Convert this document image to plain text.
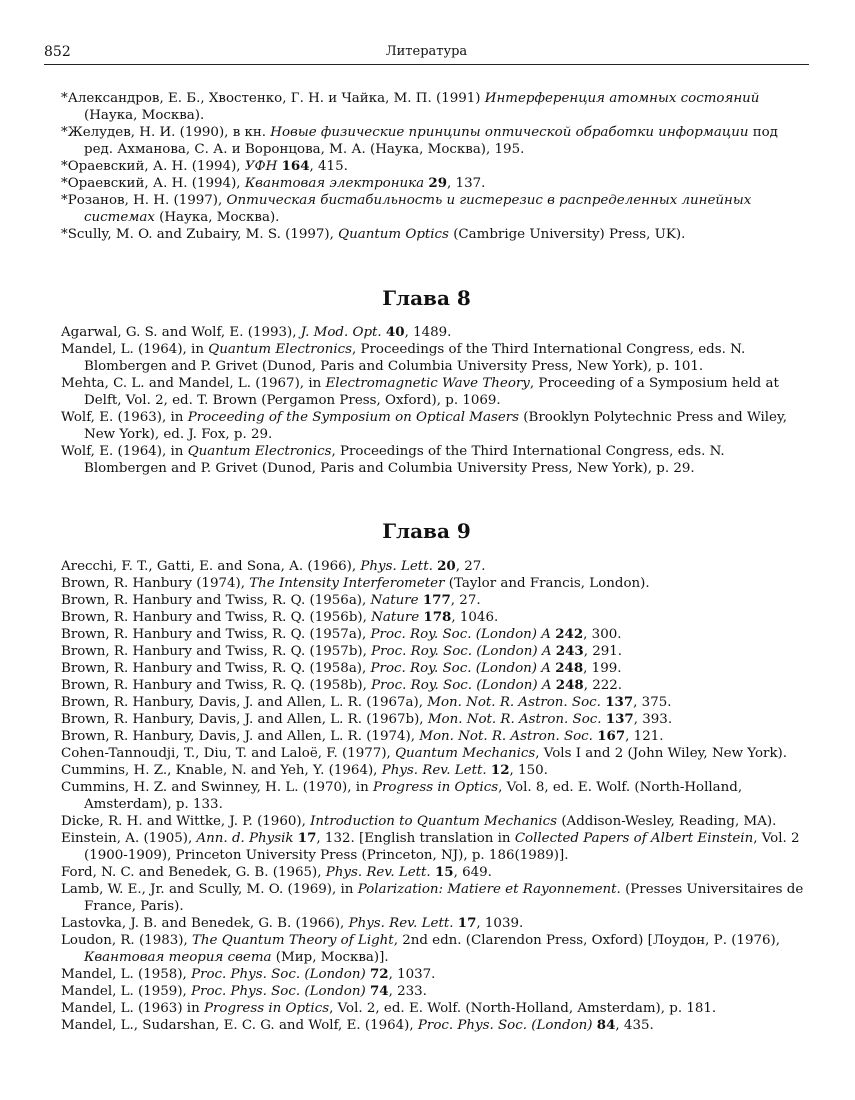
852	Литература

*Александров, Е. Б., Хвостенко, Г. Н. и Чайка, М. П. (1991) Интерференция атомных состояний (Наука, Москва).

*Желудев, Н. И. (1990), в кн. Новые физические принципы оптической обработки информации под ред. Ахманова, С. А. и Воронцова, М. А. (Наука, Москва), 195.

*Ораевский, А. Н. (1994), УФН 164, 415.

*Ораевский, А. Н. (1994), Квантовая электроника 29, 137.

*Розанов, Н. Н. (1997), Оптическая бистабильность и гистерезис в распределенных линейных системах (Наука, Москва).

*Scully, M. O. and Zubairy, M. S. (1997), Quantum Optics (Cambrige University) Press, UK).

Глава 8

Agarwal, G. S. and Wolf, E. (1993), J. Mod. Opt. 40, 1489.

Mandel, L. (1964), in Quantum Electronics, Proceedings of the Third International Congress, eds. N. Blombergen and P. Grivet (Dunod, Paris and Columbia University Press, New York), p. 101.

Mehta, C. L. and Mandel, L. (1967), in Electromagnetic Wave Theory, Proceeding of a Symposium held at Delft, Vol. 2, ed. T. Brown (Pergamon Press, Oxford), p. 1069.

Wolf, E. (1963), in Proceeding of the Symposium on Optical Masers (Brooklyn Polytechnic Press and Wiley, New York), ed. J. Fox, p. 29.

Wolf, E. (1964), in Quantum Electronics, Proceedings of the Third International Congress, eds. N. Blombergen and P. Grivet (Dunod, Paris and Columbia University Press, New York), p. 29.

Глава 9

Arecchi, F. T., Gatti, E. and Sona, A. (1966), Phys. Lett. 20, 27.

Brown, R. Hanbury (1974), The Intensity Interferometer (Taylor and Francis, London).

Brown, R. Hanbury and Twiss, R. Q. (1956a), Nature 177, 27.

Brown, R. Hanbury and Twiss, R. Q. (1956b), Nature 178, 1046.

Brown, R. Hanbury and Twiss, R. Q. (1957a), Proc. Roy. Soc. (London) A 242, 300.

Brown, R. Hanbury and Twiss, R. Q. (1957b), Proc. Roy. Soc. (London) A 243, 291.

Brown, R. Hanbury and Twiss, R. Q. (1958a), Proc. Roy. Soc. (London) A 248, 199.

Brown, R. Hanbury and Twiss, R. Q. (1958b), Proc. Roy. Soc. (London) A 248, 222.

Brown, R. Hanbury, Davis, J. and Allen, L. R. (1967a), Mon. Not. R. Astron. Soc. 137, 375.

Brown, R. Hanbury, Davis, J. and Allen, L. R. (1967b), Mon. Not. R. Astron. Soc. 137, 393.

Brown, R. Hanbury, Davis, J. and Allen, L. R. (1974), Mon. Not. R. Astron. Soc. 167, 121.

Cohen-Tannoudji, T., Diu, T. and Laloë, F. (1977), Quantum Mechanics, Vols I and 2 (John Wiley, New York).

Cummins, H. Z., Knable, N. and Yeh, Y. (1964), Phys. Rev. Lett. 12, 150.

Cummins, H. Z. and Swinney, H. L. (1970), in Progress in Optics, Vol. 8, ed. E. Wolf. (North-Holland, Amsterdam), p. 133.

Dicke, R. H. and Wittke, J. P. (1960), Introduction to Quantum Mechanics (Addison-Wesley, Reading, MA).

Einstein, A. (1905), Ann. d. Physik 17, 132. [English translation in Collected Papers of Albert Einstein, Vol. 2 (1900-1909), Princeton University Press (Princeton, NJ), p. 186(1989)].

Ford, N. C. and Benedek, G. B. (1965), Phys. Rev. Lett. 15, 649.

Lamb, W. E., Jr. and Scully, M. O. (1969), in Polarization: Matiere et Rayonnement. (Presses Universitaires de France, Paris).

Lastovka, J. B. and Benedek, G. B. (1966), Phys. Rev. Lett. 17, 1039.

Loudon, R. (1983), The Quantum Theory of Light, 2nd edn. (Clarendon Press, Oxford) [Лоудон, Р. (1976), Квантовая теория света (Мир, Москва)].

Mandel, L. (1958), Proc. Phys. Soc. (London) 72, 1037.

Mandel, L. (1959), Proc. Phys. Soc. (London) 74, 233.

Mandel, L. (1963) in Progress in Optics, Vol. 2, ed. E. Wolf. (North-Holland, Amsterdam), p. 181.

Mandel, L., Sudarshan, E. C. G. and Wolf, E. (1964), Proc. Phys. Soc. (London) 84, 435.
